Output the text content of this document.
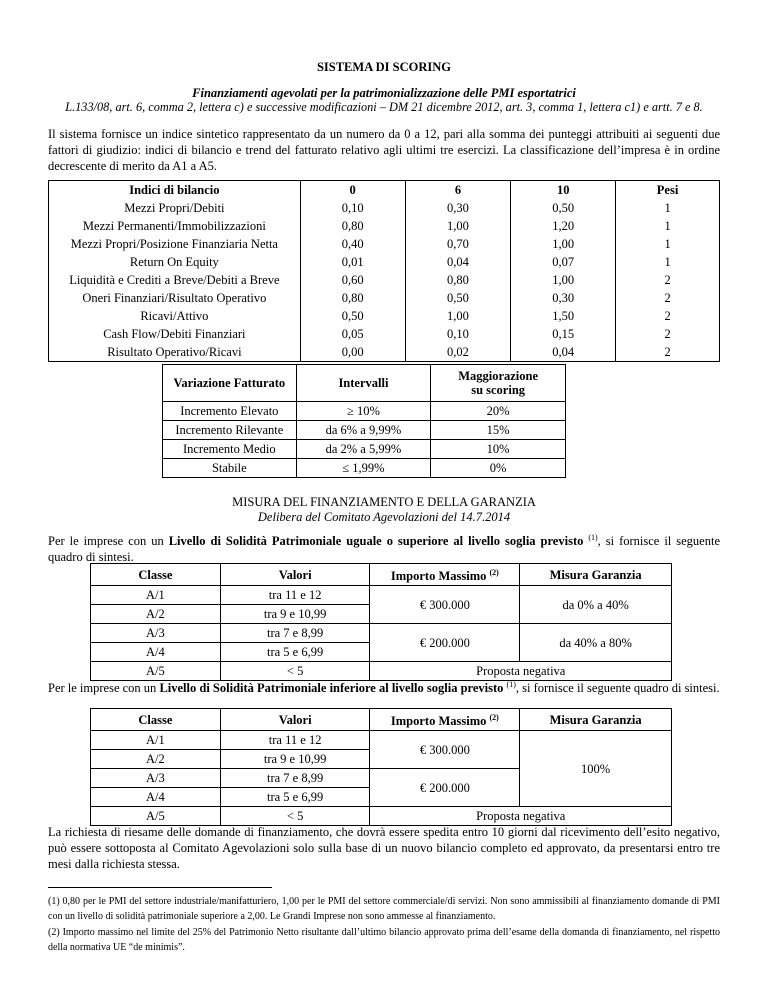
SISTEMA DI SCORING
Finanziamenti agevolati per la patrimonializzazione delle PMI esportatrici
L.133/08, art. 6, comma 2, lettera c) e successive modificazioni – DM 21 dicembre 2012, art. 3, comma 1, lettera c1) e artt. 7 e 8.
Il sistema fornisce un indice sintetico rappresentato da un numero da 0 a 12, pari alla somma dei punteggi attribuiti ai seguenti due fattori di giudizio: indici di bilancio e trend del fatturato relativo agli ultimi tre esercizi. La classificazione dell’impresa è in ordine decrescente di merito da A1 a A5.
Indici di bilancio	0	6	10	Pesi
Mezzi Propri/Debiti	0,10	0,30	0,50	1
Mezzi Permanenti/Immobilizzazioni	0,80	1,00	1,20	1
Mezzi Propri/Posizione Finanziaria Netta	0,40	0,70	1,00	1
Return On Equity	0,01	0,04	0,07	1
Liquidità e Crediti a Breve/Debiti a Breve	0,60	0,80	1,00	2
Oneri Finanziari/Risultato Operativo	0,80	0,50	0,30	2
Ricavi/Attivo	0,50	1,00	1,50	2
Cash Flow/Debiti Finanziari	0,05	0,10	0,15	2
Risultato Operativo/Ricavi	0,00	0,02	0,04	2
Variazione Fatturato	Intervalli	Maggiorazione
su scoring

Incremento Elevato	≥ 10%	20%
Incremento Rilevante	da 6% a 9,99%	15%
Incremento Medio	da 2% a 5,99%	10%
Stabile	≤ 1,99%	0%
MISURA DEL FINANZIAMENTO E DELLA GARANZIA
Delibera del Comitato Agevolazioni del 14.7.2014
Per le imprese con un Livello di Solidità Patrimoniale uguale o superiore al livello soglia previsto $^{(1)}$, si fornisce il seguente quadro di sintesi.
Classe	Valori	Importo Massimo $^{(2)}$	Misura Garanzia
A/1	tra 11 e 12	€ 300.000	da 0% a 40%
A/2	tra 9 e 10,99		
A/3	tra 7 e 8,99	€ 200.000	da 40% a 80%
A/4	tra 5 e 6,99		
A/5	< 5	Proposta negativa	
Per le imprese con un Livello di Solidità Patrimoniale inferiore al livello soglia previsto $^{(1)}$, si fornisce il seguente quadro di sintesi.
Classe	Valori	Importo Massimo $^{(2)}$	Misura Garanzia
A/1	tra 11 e 12	€ 300.000	100%
A/2	tra 9 e 10,99		
A/3	tra 7 e 8,99	€ 200.000	
A/4	tra 5 e 6,99		
A/5	< 5	Proposta negativa	
La richiesta di riesame delle domande di finanziamento, che dovrà essere spedita entro 10 giorni dal ricevimento dell’esito negativo, può essere sottoposta al Comitato Agevolazioni solo sulla base di un nuovo bilancio completo ed approvato, da presentarsi entro tre mesi dalla richiesta stessa.
(1) 0,80 per le PMI del settore industriale/manifatturiero, 1,00 per le PMI del settore commerciale/di servizi. Non sono ammissibili al finanziamento domande di PMI con un livello di solidità patrimoniale superiore a 2,00. Le Grandi Imprese non sono ammesse al finanziamento.
(2) Importo massimo nel limite del 25% del Patrimonio Netto risultante dall’ultimo bilancio approvato prima dell’esame della domanda di finanziamento, nel rispetto della normativa UE “de minimis”.
